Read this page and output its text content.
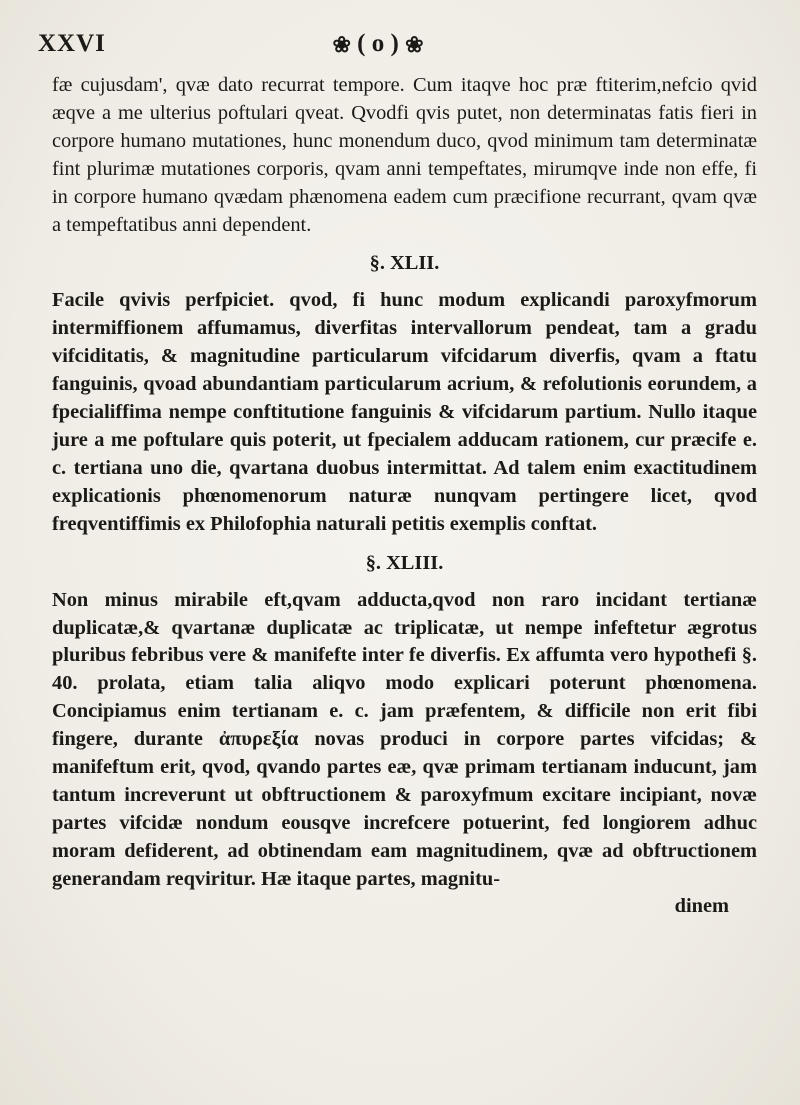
XXVI	❀ ( o ) ❀

fæ cujusdam', qvæ dato recurrat tempore. Cum itaqve hoc præ ftiterim,nefcio qvid æqve a me ulterius poftulari qveat. Qvodfi qvis putet, non determinatas fatis fieri in corpore humano mutationes, hunc monendum duco, qvod minimum tam determinatæ fint plurimæ mutationes corporis, qvam anni tempeftates, mirumqve inde non effe, fi in corpore humano qvædam phænomena eadem cum præcifione recurrant, qvam qvæ a tempeftatibus anni dependent.

§. XLII.

Facile qvivis perfpiciet. qvod, fi hunc modum explicandi paroxyfmorum intermiffionem affumamus, diverfitas intervallorum pendeat, tam a gradu vifciditatis, & magnitudine particularum vifcidarum diverfis, qvam a ftatu fanguinis, qvoad abundantiam particularum acrium, & refolutionis eorundem, a fpecialiffima nempe conftitutione fanguinis & vifcidarum partium. Nullo itaque jure a me poftulare quis poterit, ut fpecialem adducam rationem, cur præcife e. c. tertiana uno die, qvartana duobus intermittat. Ad talem enim exactitudinem explicationis phœnomenorum naturæ nunqvam pertingere licet, qvod freqventiffimis ex Philofophia naturali petitis exemplis conftat.

§. XLIII.

Non minus mirabile eft,qvam adducta,qvod non raro incidant tertianæ duplicatæ,& qvartanæ duplicatæ ac triplicatæ, ut nempe infeftetur ægrotus pluribus febribus vere & manifefte inter fe diverfis. Ex affumta vero hypothefi §. 40. prolata, etiam talia aliqvo modo explicari poterunt phœnomena. Concipiamus enim tertianam e. c. jam præfentem, & difficile non erit fibi fingere, durante ἀπυρεξία novas produci in corpore partes vifcidas; & manifeftum erit, qvod, qvando partes eæ, qvæ primam tertianam inducunt, jam tantum increverunt ut obftructionem & paroxyfmum excitare incipiant, novæ partes vifcidæ nondum eousqve increfcere potuerint, fed longiorem adhuc moram defiderent, ad obtinendam eam magnitudinem, qvæ ad obftructionem generandam reqviritur. Hæ itaque partes, magnitu-

dinem
